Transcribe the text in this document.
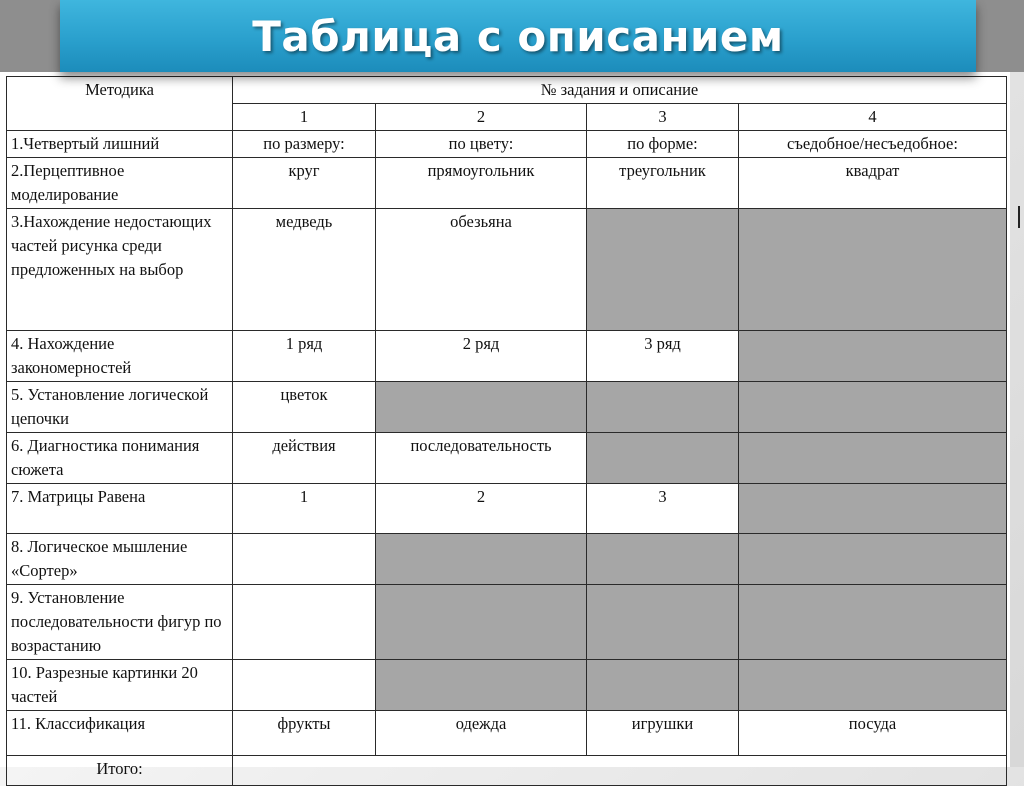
Таблица с описанием
Методика	№ задания и описание			
	1	2	3	4
1.Четвертый лишний	по размеру:	по цвету:	по форме:	съедобное/несъедобное:
2.Перцептивное моделирование	круг	прямоугольник	треугольник	квадрат
3.Нахождение недостающих частей рисунка среди предложенных на выбор	медведь	обезьяна		
4. Нахождение закономерностей	1 ряд	2 ряд	3 ряд	
5. Установление логической цепочки	цветок			
6. Диагностика понимания сюжета	действия	последовательность		
7. Матрицы Равена	1	2	3	
8. Логическое мышление «Сортер»				
9. Установление последовательности фигур по возрастанию				
10. Разрезные картинки 20 частей				
11. Классификация	фрукты	одежда	игрушки	посуда
Итого:				
